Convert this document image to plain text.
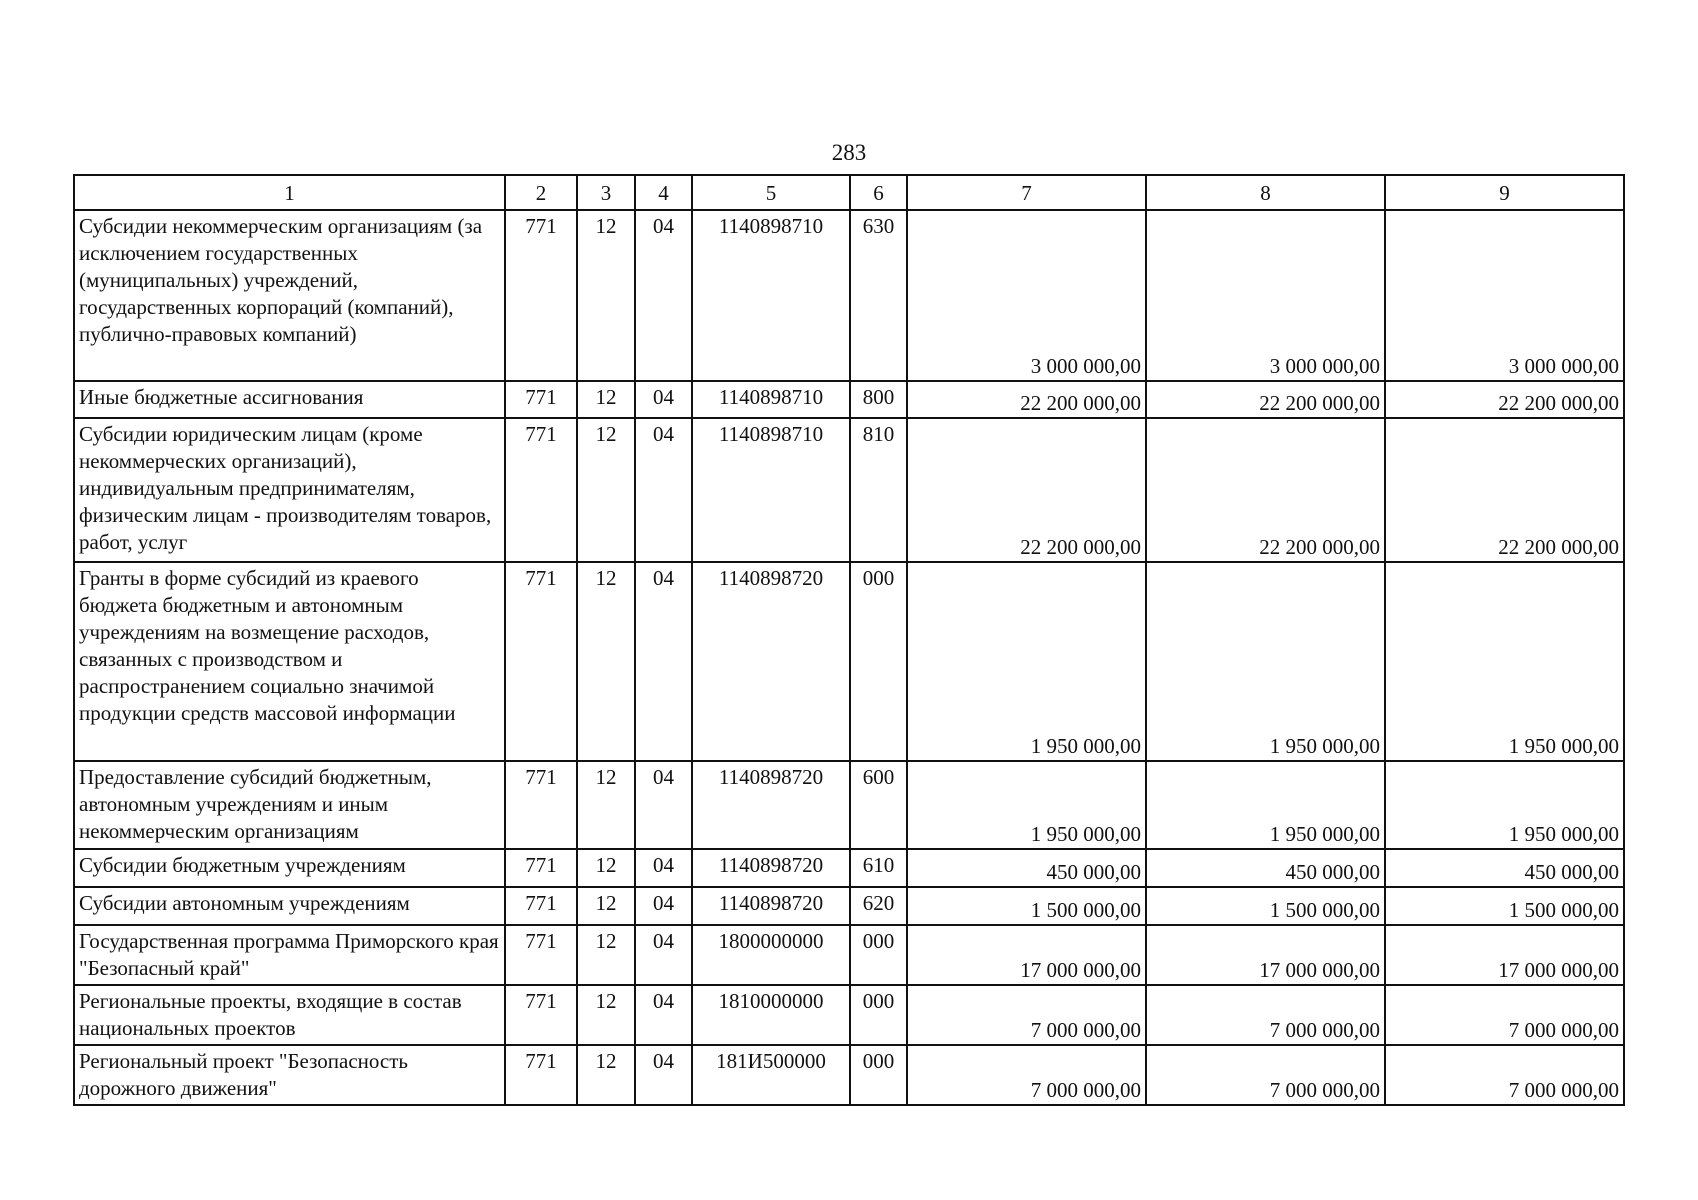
283
1	2	3	4	5	6	7	8	9
Субсидии некоммерческим организациям (за исключением государственных (муниципальных) учреждений, государственных корпораций (компаний), публично-правовых компаний)	771	12	04	1140898710	630	3 000 000,00	3 000 000,00	3 000 000,00
Иные бюджетные ассигнования	771	12	04	1140898710	800	22 200 000,00	22 200 000,00	22 200 000,00
Субсидии юридическим лицам (кроме некоммерческих организаций), индивидуальным предпринимателям, физическим лицам - производителям товаров, работ, услуг	771	12	04	1140898710	810	22 200 000,00	22 200 000,00	22 200 000,00
Гранты в форме субсидий из краевого бюджета бюджетным и автономным учреждениям на возмещение расходов, связанных с производством и распространением социально значимой продукции средств массовой информации	771	12	04	1140898720	000	1 950 000,00	1 950 000,00	1 950 000,00
Предоставление субсидий бюджетным, автономным учреждениям и иным некоммерческим организациям	771	12	04	1140898720	600	1 950 000,00	1 950 000,00	1 950 000,00
Субсидии бюджетным учреждениям	771	12	04	1140898720	610	450 000,00	450 000,00	450 000,00
Субсидии автономным учреждениям	771	12	04	1140898720	620	1 500 000,00	1 500 000,00	1 500 000,00
Государственная программа Приморского края "Безопасный край"	771	12	04	1800000000	000	17 000 000,00	17 000 000,00	17 000 000,00
Региональные проекты, входящие в состав национальных проектов	771	12	04	1810000000	000	7 000 000,00	7 000 000,00	7 000 000,00
Региональный проект "Безопасность дорожного движения"	771	12	04	181И500000	000	7 000 000,00	7 000 000,00	7 000 000,00
